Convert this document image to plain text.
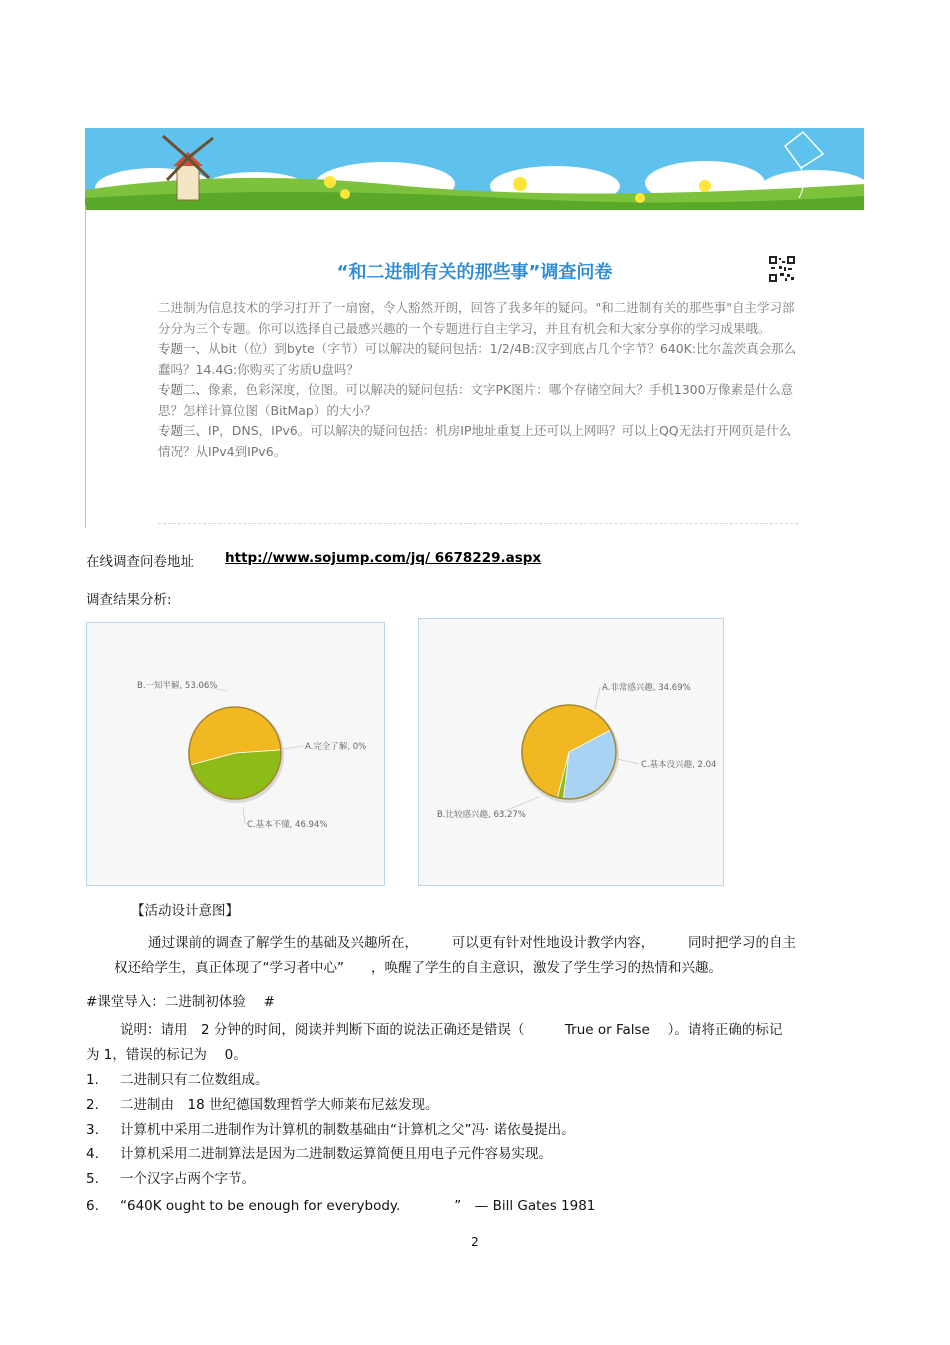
“和二进制有关的那些事”调查问卷
二进制为信息技术的学习打开了一扇窗，令人豁然开朗，回答了我多年的疑问。"和二进制有关的那些事"自主学习部分分为三个专题。你可以选择自己最感兴趣的一个专题进行自主学习，并且有机会和大家分享你的学习成果哦。
专题一、从bit（位）到byte（字节）可以解决的疑问包括：1/2/4B:汉字到底占几个字节？640K:比尔盖茨真会那么蠢吗？14.4G:你购买了劣质U盘吗？
专题二、像素，色彩深度，位图。可以解决的疑问包括：文字PK图片：哪个存储空间大？手机1300万像素是什么意思？怎样计算位图（BitMap）的大小？
专题三、IP，DNS，IPv6。可以解决的疑问包括：机房IP地址重复上还可以上网吗？可以上QQ无法打开网页是什么情况？从IPv4到IPv6。
在线调查问卷地址 http://www.sojump.com/jq/ 6678229.aspx
调查结果分析:
A.完全了解, 0%
B.一知半解, 53.06%
C.基本不懂, 46.94%
A.非常感兴趣, 34.69%
B.比较感兴趣, 63.27%
C.基本没兴趣, 2.04
【活动设计意图】
通过课前的调查了解学生的基础及兴趣所在，　　　可以更有针对性地设计教学内容，　　　同时把学习的自主
权还给学生，真正体现了“学习者中心”　　，唤醒了学生的自主意识，激发了学生学习的热情和兴趣。
#课堂导入：二进制初体验　 #
说明：请用　2 分钟的时间，阅读并判断下面的说法正确还是错误（　　　True or False　 ）。请将正确的标记
为 1，错误的标记为　 0。
1. 二进制只有二位数组成。
2. 二进制由　18 世纪德国数理哲学大师莱布尼兹发现。
3. 计算机中采用二进制作为计算机的制数基础由“计算机之父”冯· 诺依曼提出。
4. 计算机采用二进制算法是因为二进制数运算简便且用电子元件容易实现。
5. 一个汉字占两个字节。
6. “640K ought to be enough for everybody.　　　　”　— Bill Gates 1981
2
